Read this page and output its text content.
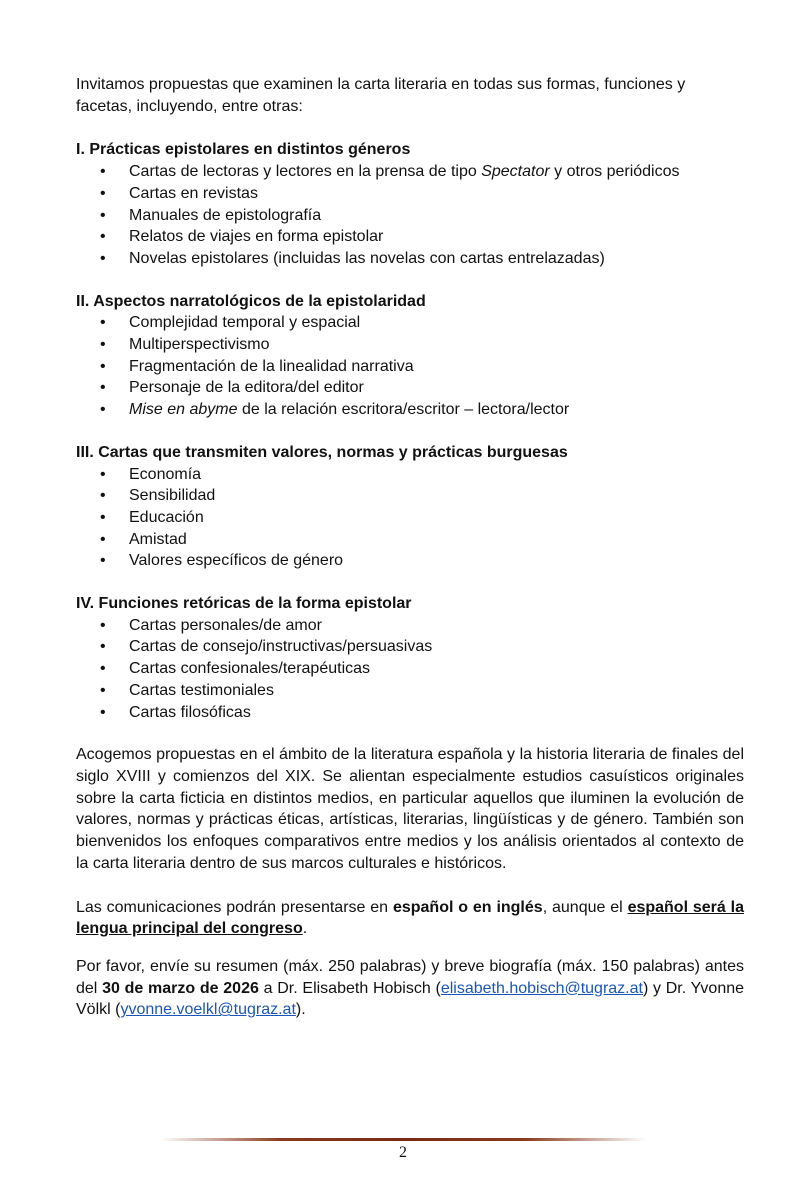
Invitamos propuestas que examinen la carta literaria en todas sus formas, funciones y facetas, incluyendo, entre otras:

I. Prácticas epistolares en distintos géneros

• Cartas de lectoras y lectores en la prensa de tipo Spectator y otros periódicos
• Cartas en revistas
• Manuales de epistolografía
• Relatos de viajes en forma epistolar
• Novelas epistolares (incluidas las novelas con cartas entrelazadas)

II. Aspectos narratológicos de la epistolaridad

• Complejidad temporal y espacial
• Multiperspectivismo
• Fragmentación de la linealidad narrativa
• Personaje de la editora/del editor
• Mise en abyme de la relación escritora/escritor – lectora/lector

III. Cartas que transmiten valores, normas y prácticas burguesas

• Economía
• Sensibilidad
• Educación
• Amistad
• Valores específicos de género

IV. Funciones retóricas de la forma epistolar

• Cartas personales/de amor
• Cartas de consejo/instructivas/persuasivas
• Cartas confesionales/terapéuticas
• Cartas testimoniales
• Cartas filosóficas

Acogemos propuestas en el ámbito de la literatura española y la historia literaria de finales del siglo XVIII y comienzos del XIX. Se alientan especialmente estudios casuísticos originales sobre la carta ficticia en distintos medios, en particular aquellos que iluminen la evolución de valores, normas y prácticas éticas, artísticas, literarias, lingüísticas y de género. También son bienvenidos los enfoques comparativos entre medios y los análisis orientados al contexto de la carta literaria dentro de sus marcos culturales e históricos.

Las comunicaciones podrán presentarse en español o en inglés, aunque el español será la lengua principal del congreso.

Por favor, envíe su resumen (máx. 250 palabras) y breve biografía (máx. 150 palabras) antes del 30 de marzo de 2026 a Dr. Elisabeth Hobisch (elisabeth.hobisch@tugraz.at) y Dr. Yvonne Völkl (yvonne.voelkl@tugraz.at).

2
